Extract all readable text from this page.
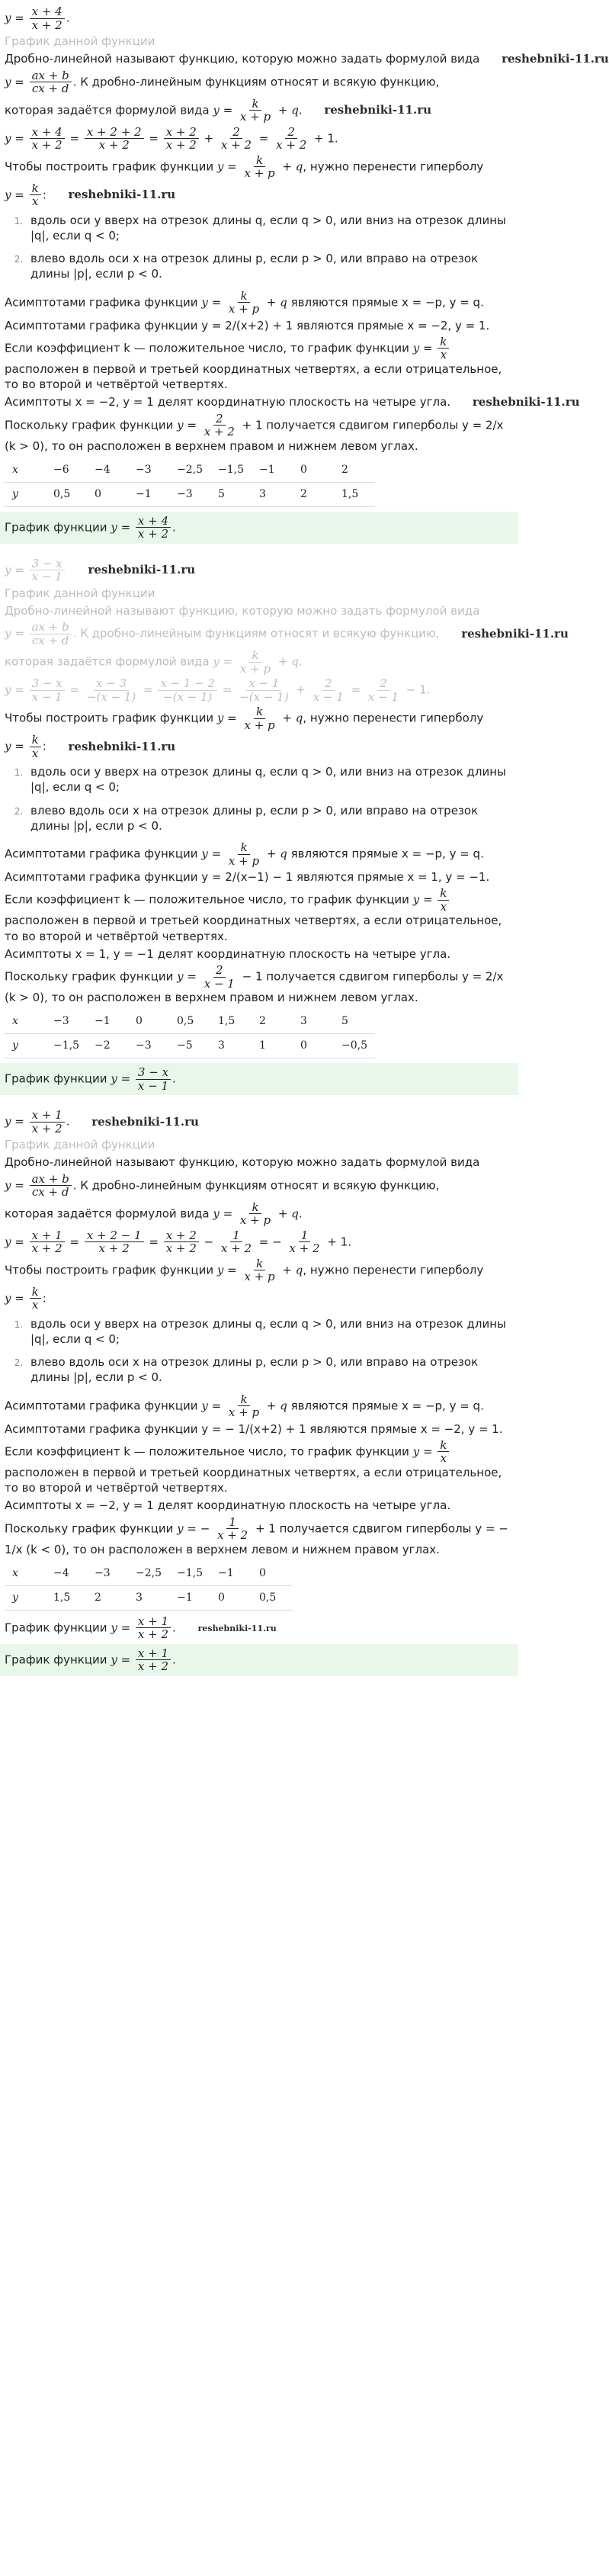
$y = \frac{x + 4}{x + 2}$ .
График данной функции
Дробно-линейной называют функцию, которую можно задать формулой вида reshebniki-11.ru
$y = \frac{ax + b}{cx + d}$ . К дробно-линейным функциям относят и всякую функцию,
которая задаётся формулой вида $y = \frac{k}{x + p} + q$. reshebniki-11.ru
$y = \frac{x + 4}{x + 2} = \frac{x + 2 + 2}{x + 2} = \frac{x + 2}{x + 2} + \frac{2}{x + 2} = \frac{2}{x + 2} + 1$.
Чтобы построить график функции $y = \frac{k}{x + p} + q$, нужно перенести гиперболу
$y = \frac{k}{x}$ : reshebniki-11.ru
1. вдоль оси y вверх на отрезок длины q, если q > 0, или вниз на отрезок длины |q|, если q < 0;
2. влево вдоль оси x на отрезок длины p, если p > 0, или вправо на отрезок длины |p|, если p < 0.
Асимптотами графика функции $y = \frac{k}{x + p} + q$ являются прямые x = −p, y = q.
Асимптотами графика функции y = 2/(x+2) + 1 являются прямые x = −2, y = 1.
Если коэффициент k — положительное число, то график функции $y = \frac{k}{x}$
расположен в первой и третьей координатных четвертях, а если отрицательное, то во второй и четвёртой четвертях.
Асимптоты x = −2, y = 1 делят координатную плоскость на четыре угла. reshebniki-11.ru
Поскольку график функции $y = \frac{2}{x + 2} + 1$ получается сдвигом гиперболы y = 2/x (k > 0), то он расположен в верхнем правом и нижнем левом углах.
x	−6	−4	−3	−2,5	−1,5	−1	0	2
y	0,5	0	−1	−3	5	3	2	1,5
График функции $y = \frac{x + 4}{x + 2}$ .
$y = \frac{3 - x}{x - 1}$ reshebniki-11.ru
График данной функции
Дробно-линейной называют функцию, которую можно задать формулой вида
$y = \frac{ax + b}{cx + d}$ . К дробно-линейным функциям относят и всякую функцию, reshebniki-11.ru
которая задаётся формулой вида $y = \frac{k}{x + p} + q$.
$y = \frac{3 - x}{x - 1} = \frac{x - 3}{-(x - 1)} = \frac{x - 1 - 2}{-(x - 1)} = \frac{x - 1}{-(x - 1)} + \frac{2}{x - 1} = \frac{2}{x - 1} - 1$.
Чтобы построить график функции $y = \frac{k}{x + p} + q$, нужно перенести гиперболу
$y = \frac{k}{x}$ : reshebniki-11.ru
1. вдоль оси y вверх на отрезок длины q, если q > 0, или вниз на отрезок длины |q|, если q < 0;
2. влево вдоль оси x на отрезок длины p, если p > 0, или вправо на отрезок длины |p|, если p < 0.
Асимптотами графика функции $y = \frac{k}{x + p} + q$ являются прямые x = −p, y = q.
Асимптотами графика функции y = 2/(x−1) − 1 являются прямые x = 1, y = −1.
Если коэффициент k — положительное число, то график функции $y = \frac{k}{x}$
расположен в первой и третьей координатных четвертях, а если отрицательное, то во второй и четвёртой четвертях.
Асимптоты x = 1, y = −1 делят координатную плоскость на четыре угла.
Поскольку график функции $y = \frac{2}{x - 1} - 1$ получается сдвигом гиперболы y = 2/x (k > 0), то он расположен в верхнем правом и нижнем левом углах.
x	−3	−1	0	0,5	1,5	2	3	5
y	−1,5	−2	−3	−5	3	1	0	−0,5
График функции $y = \frac{3 - x}{x - 1}$ .
$y = \frac{x + 1}{x + 2}$ . reshebniki-11.ru
График данной функции
Дробно-линейной называют функцию, которую можно задать формулой вида
$y = \frac{ax + b}{cx + d}$ . К дробно-линейным функциям относят и всякую функцию,
которая задаётся формулой вида $y = \frac{k}{x + p} + q$.
$y = \frac{x + 1}{x + 2} = \frac{x + 2 - 1}{x + 2} = \frac{x + 2}{x + 2} - \frac{1}{x + 2}$ = − $\frac{1}{x + 2} + 1$.
Чтобы построить график функции $y = \frac{k}{x + p} + q$, нужно перенести гиперболу
$y = \frac{k}{x}$ :
1. вдоль оси y вверх на отрезок длины q, если q > 0, или вниз на отрезок длины |q|, если q < 0;
2. влево вдоль оси x на отрезок длины p, если p > 0, или вправо на отрезок длины |p|, если p < 0.
Асимптотами графика функции $y = \frac{k}{x + p} + q$ являются прямые x = −p, y = q.
Асимптотами графика функции y = − 1/(x+2) + 1 являются прямые x = −2, y = 1.
Если коэффициент k — положительное число, то график функции $y = \frac{k}{x}$
расположен в первой и третьей координатных четвертях, а если отрицательное, то во второй и четвёртой четвертях.
Асимптоты x = −2, y = 1 делят координатную плоскость на четыре угла.
Поскольку график функции y = − $\frac{1}{x + 2} + 1$ получается сдвигом гиперболы y = − 1/x (k < 0), то он расположен в верхнем левом и нижнем правом углах.
x	−4	−3	−2,5	−1,5	−1	0
y	1,5	2	3	−1	0	0,5
График функции $y = \frac{x + 1}{x + 2}$ . reshebniki-11.ru
График функции $y = \frac{x + 1}{x + 2}$ .
